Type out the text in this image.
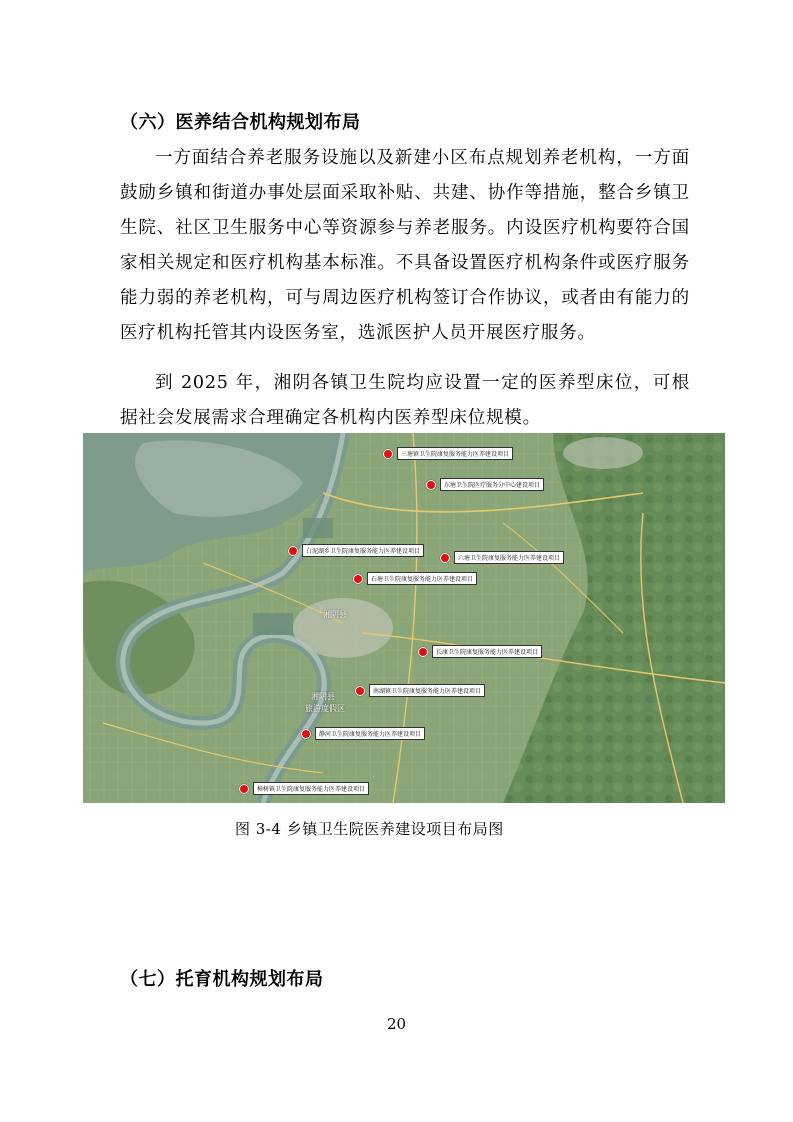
（六）医养结合机构规划布局

一方面结合养老服务设施以及新建小区布点规划养老机构，一方面鼓励乡镇和街道办事处层面采取补贴、共建、协作等措施，整合乡镇卫生院、社区卫生服务中心等资源参与养老服务。内设医疗机构要符合国家相关规定和医疗机构基本标准。不具备设置医疗机构条件或医疗服务能力弱的养老机构，可与周边医疗机构签订合作协议，或者由有能力的医疗机构托管其内设医务室，选派医护人员开展医疗服务。

到 2025 年，湘阴各镇卫生院均应设置一定的医养型床位，可根据社会发展需求合理确定各机构内医养型床位规模。

湘阴县
湘阴县
旅游度假区
三塘镇卫生院康复服务能力医养建设项目
东塘卫生院医疗服务分中心建设项目
白泥湖乡卫生院康复服务能力医养建设项目
六塘卫生院康复服务能力医养建设项目
石塘卫生院康复服务能力医养建设项目
长康卫生院康复服务能力医养建设项目
南湖镇卫生院康复服务能力医养建设项目
静河卫生院康复服务能力医养建设项目
樟树镇卫生院康复服务能力医养建设项目
图 3-4 乡镇卫生院医养建设项目布局图
（七）托育机构规划布局
20
